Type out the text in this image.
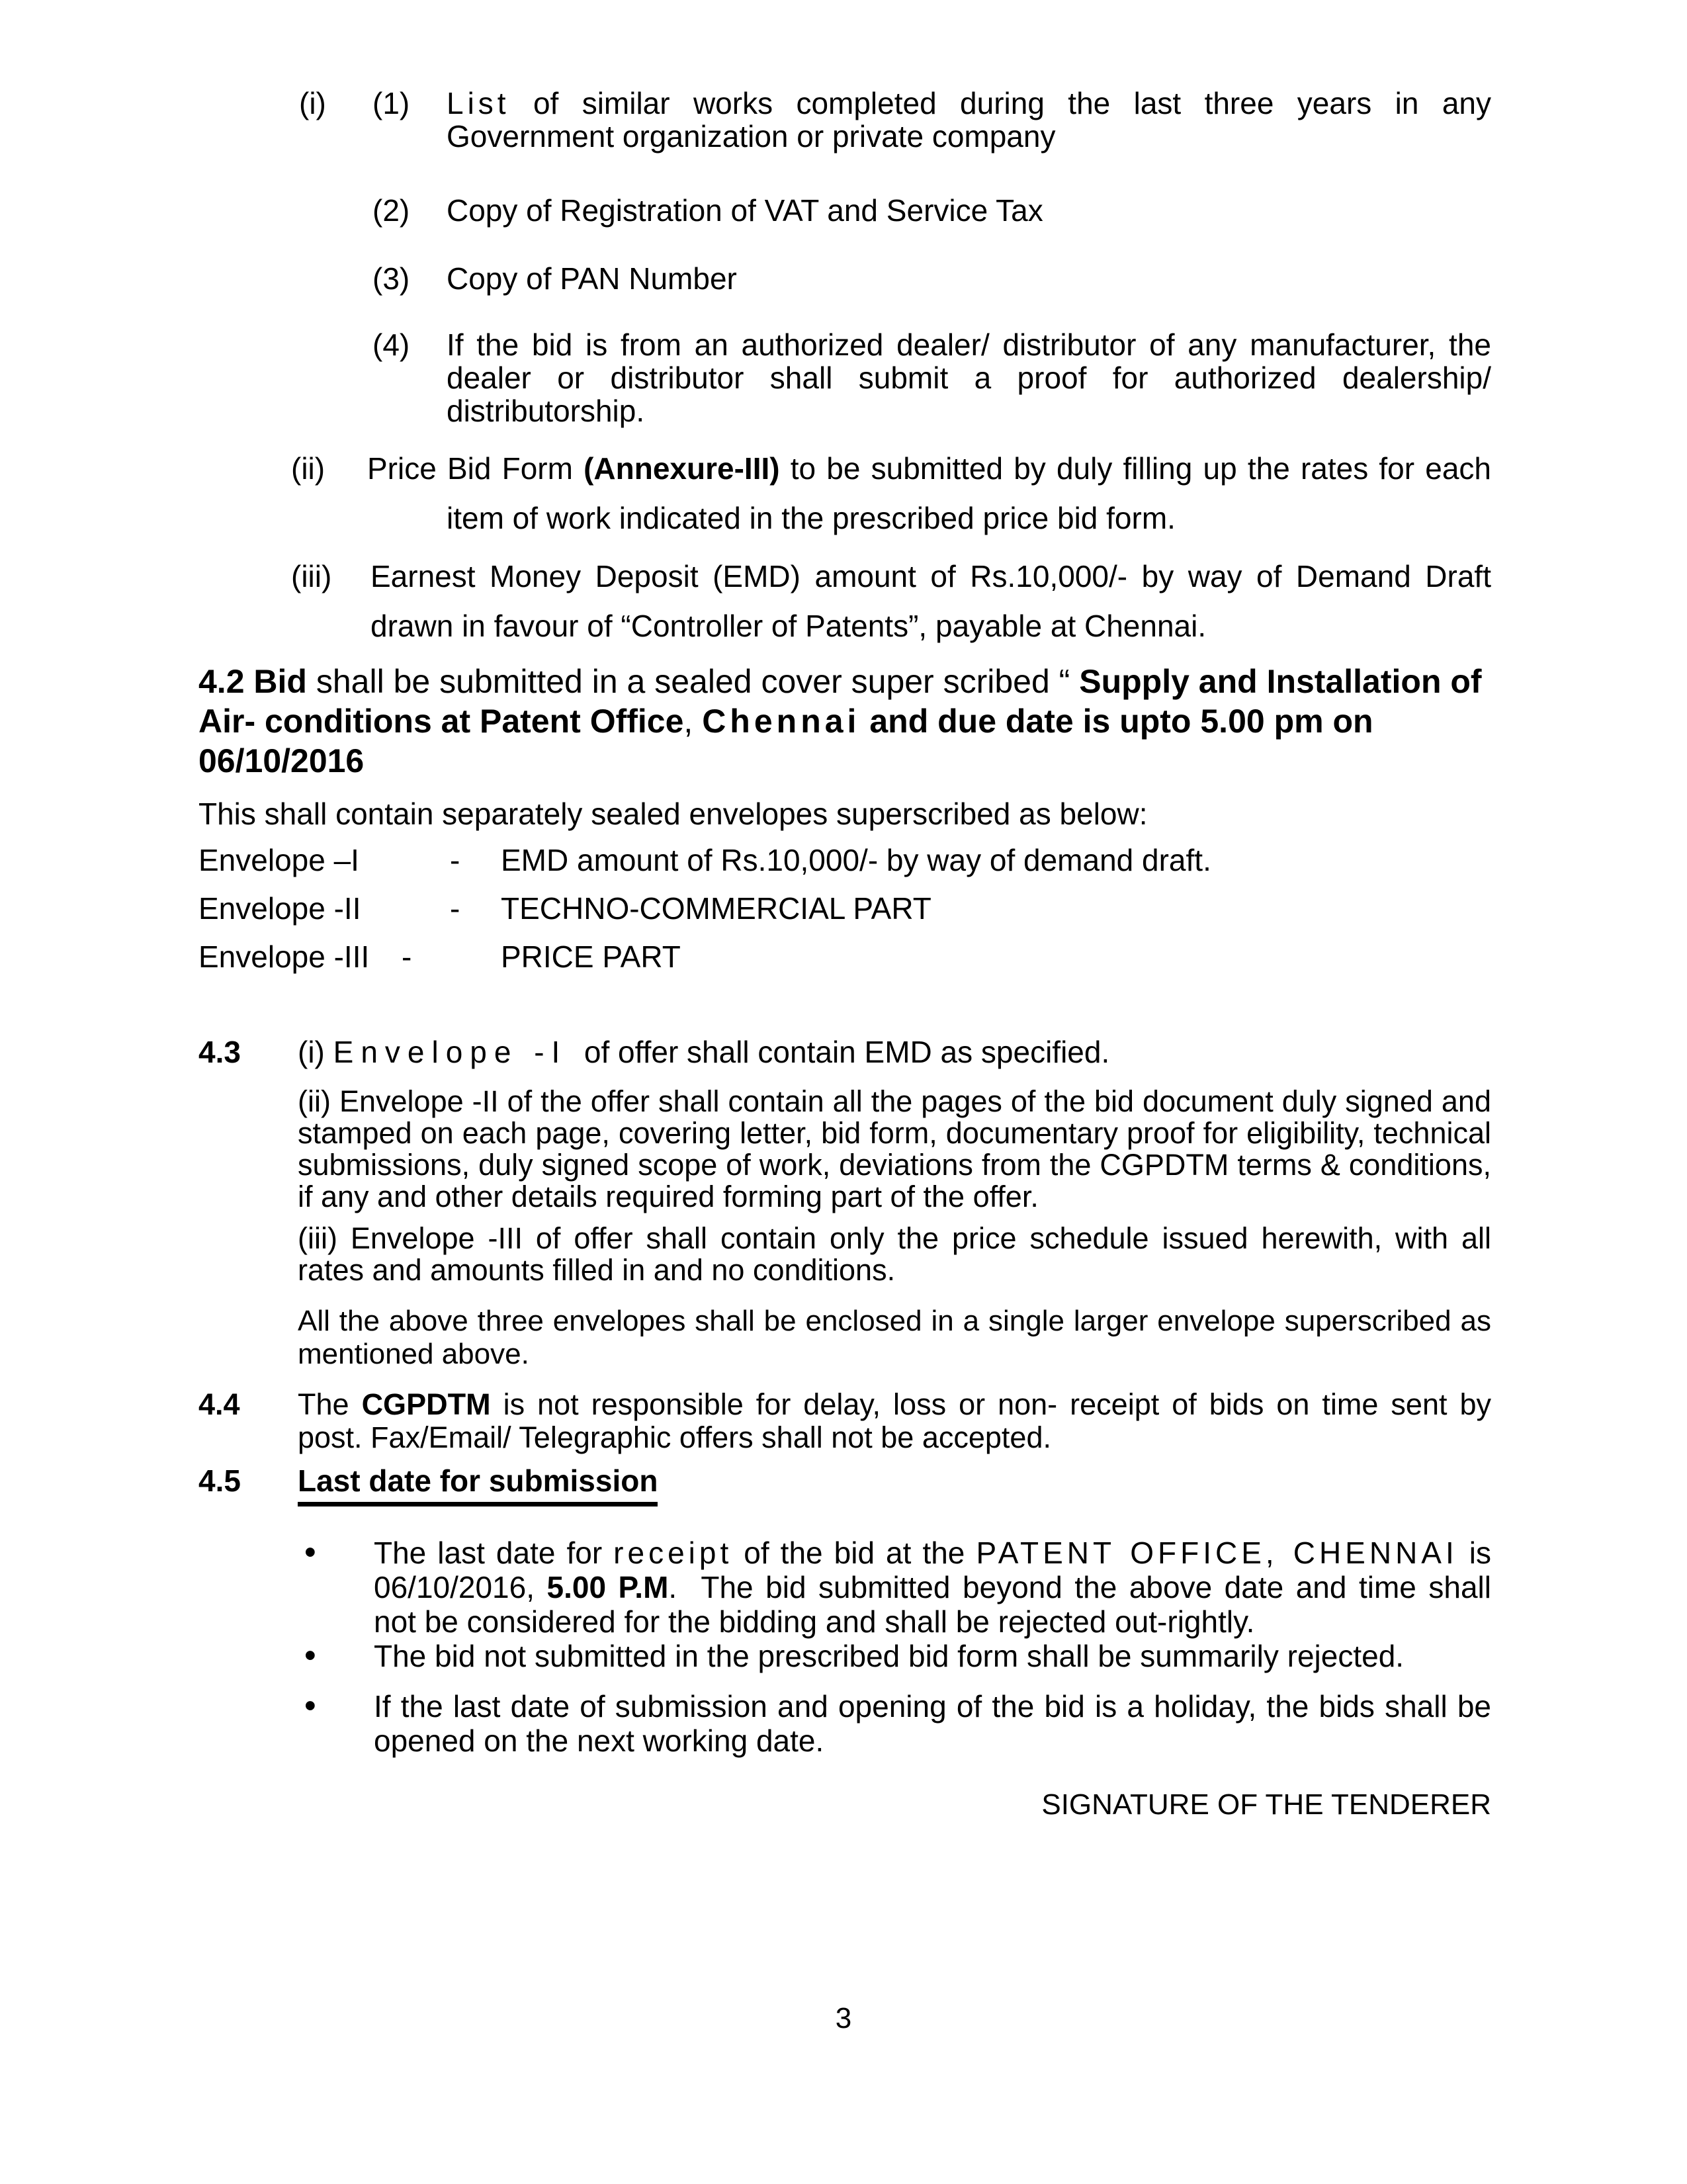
(i) (1) List of similar works completed during the last three years in any Government organization or private company
(2) Copy of Registration of VAT and Service Tax
(3) Copy of PAN Number
(4) If the bid is from an authorized dealer/ distributor of any manufacturer, the dealer or distributor shall submit a proof for authorized dealership/ distributorship.
(ii) Price Bid Form (Annexure-III) to be submitted by duly filling up the rates for each item of work indicated in the prescribed price bid form.
(iii) Earnest Money Deposit (EMD) amount of Rs.10,000/- by way of Demand Draft drawn in favour of “Controller of Patents”, payable at Chennai.
4.2 Bid shall be submitted in a sealed cover super scribed “ Supply and Installation of Air- conditions at Patent Office, Chennai and due date is upto 5.00 pm on 06/10/2016
This shall contain separately sealed envelopes superscribed as below:
Envelope –I	- EMD amount of Rs.10,000/- by way of demand draft.
Envelope -II	- TECHNO-COMMERCIAL PART
Envelope -III -	PRICE PART
4.3 (i) Envelope -I  of offer shall contain EMD as specified.
(ii) Envelope -II of the offer shall contain all the pages of the bid document duly signed and stamped on each page, covering letter, bid form, documentary proof for eligibility, technical submissions, duly signed scope of work, deviations from the CGPDTM terms & conditions, if any and other details required forming part of the offer.
(iii) Envelope -III of offer shall contain only the price schedule issued herewith, with all rates and amounts filled in and no conditions.
All the above three envelopes shall be enclosed in a single larger envelope superscribed as mentioned above.
4.4 The CGPDTM is not responsible for delay, loss or non- receipt of bids on time sent by post. Fax/Email/ Telegraphic offers shall not be accepted.
4.5 Last date for submission
• The last date for receipt of the bid at the PATENT OFFICE, CHENNAI is 06/10/2016, 5.00 P.M.  The bid submitted beyond the above date and time shall not be considered for the bidding and shall be rejected out-rightly.
• The bid not submitted in the prescribed bid form shall be summarily rejected.
• If the last date of submission and opening of the bid is a holiday, the bids shall be opened on the next working date.
SIGNATURE OF THE TENDERER
3
